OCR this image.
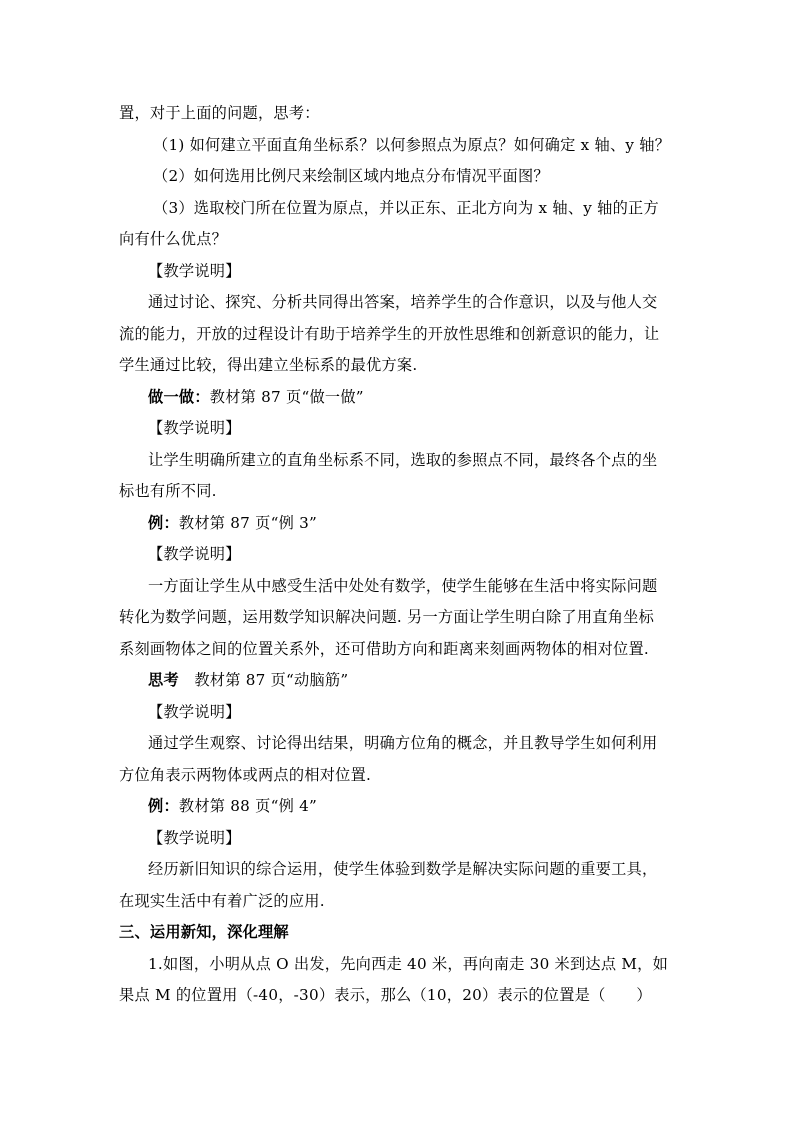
置，对于上面的问题，思考：
（1) 如何建立平面直角坐标系？以何参照点为原点？如何确定 x 轴、y 轴？
（2）如何选用比例尺来绘制区域内地点分布情况平面图？
（3）选取校门所在位置为原点，并以正东、正北方向为 x 轴、y 轴的正方
向有什么优点？
【教学说明】
通过讨论、探究、分析共同得出答案，培养学生的合作意识，以及与他人交
流的能力，开放的过程设计有助于培养学生的开放性思维和创新意识的能力，让
学生通过比较，得出建立坐标系的最优方案.
做一做：教材第 87 页“做一做”
【教学说明】
让学生明确所建立的直角坐标系不同，选取的参照点不同，最终各个点的坐
标也有所不同.
例：教材第 87 页“例 3”
【教学说明】
一方面让学生从中感受生活中处处有数学，使学生能够在生活中将实际问题
转化为数学问题，运用数学知识解决问题. 另一方面让学生明白除了用直角坐标
系刻画物体之间的位置关系外，还可借助方向和距离来刻画两物体的相对位置.
思考　教材第 87 页“动脑筋”
【教学说明】
通过学生观察、讨论得出结果，明确方位角的概念，并且教导学生如何利用
方位角表示两物体或两点的相对位置.
例：教材第 88 页“例 4”
【教学说明】
经历新旧知识的综合运用，使学生体验到数学是解决实际问题的重要工具，
在现实生活中有着广泛的应用.
三、运用新知，深化理解
1.如图，小明从点 O 出发，先向西走 40 米，再向南走 30 米到达点 M，如
果点 M 的位置用（-40，-30）表示，那么（10，20）表示的位置是（　　）
